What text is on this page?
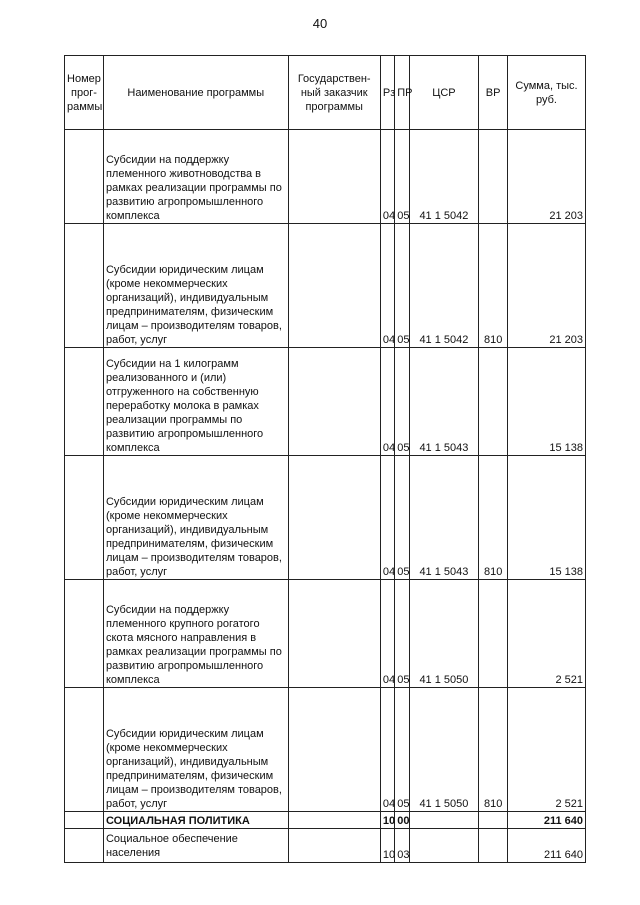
40
Номер прог- раммы	Наименование программы	Государствен- ный заказчик программы	Рз	ПР	ЦСР	ВР	Сумма, тыс. руб.
	Субсидии на поддержку племенного животноводства в рамках реализации программы по развитию агропромышленного комплекса		04	05	41 1 5042		21 203
	Субсидии юридическим лицам (кроме некоммерческих организаций), индивидуальным предпринимателям, физическим лицам – производителям товаров, работ, услуг		04	05	41 1 5042	810	21 203
	Субсидии на 1 килограмм реализованного и (или) отгруженного на собственную переработку молока в рамках реализации программы по развитию агропромышленного комплекса		04	05	41 1 5043		15 138
	Субсидии юридическим лицам (кроме некоммерческих организаций), индивидуальным предпринимателям, физическим лицам – производителям товаров, работ, услуг		04	05	41 1 5043	810	15 138
	Субсидии на поддержку племенного крупного рогатого скота мясного направления в рамках реализации программы по развитию агропромышленного комплекса		04	05	41 1 5050		2 521
	Субсидии юридическим лицам (кроме некоммерческих организаций), индивидуальным предпринимателям, физическим лицам – производителям товаров, работ, услуг		04	05	41 1 5050	810	2 521
	СОЦИАЛЬНАЯ ПОЛИТИКА		10	00			211 640
	Социальное обеспечение населения		10	03			211 640
